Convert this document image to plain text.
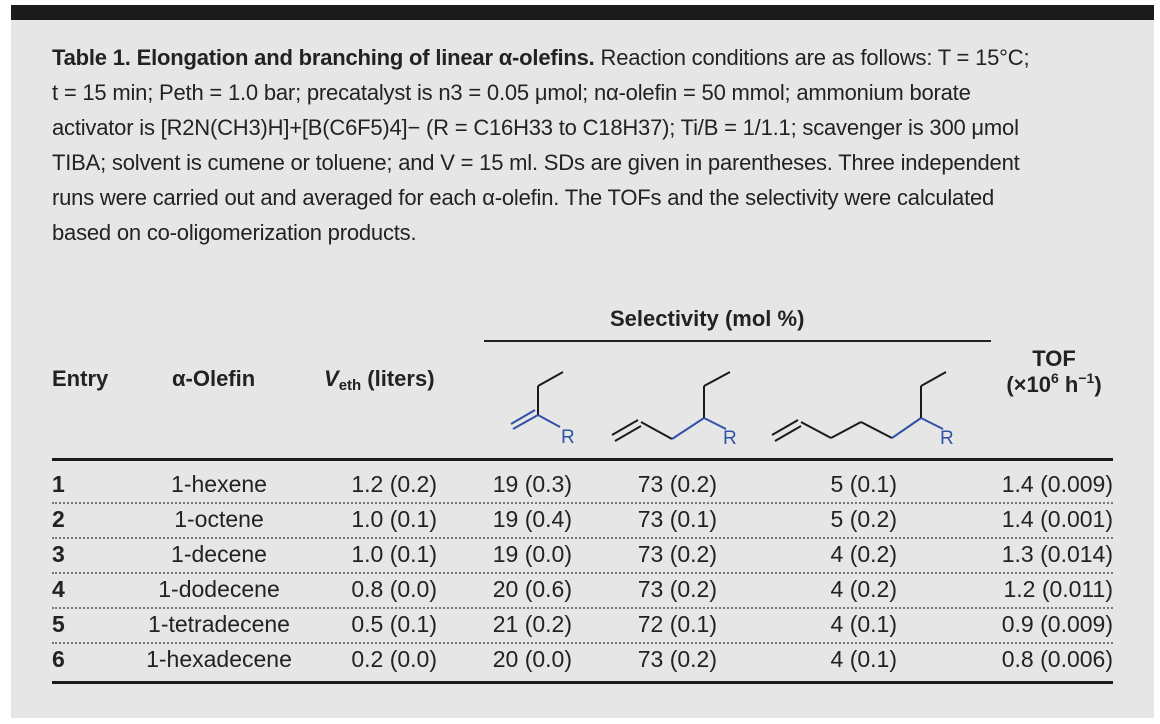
Table 1. Elongation and branching of linear α-olefins. Reaction conditions are as follows: T = 15°C;
t = 15 min; Peth = 1.0 bar; precatalyst is n3 = 0.05 μmol; nα-olefin = 50 mmol; ammonium borate
activator is [R2N(CH3)H]+[B(C6F5)4]− (R = C16H33 to C18H37); Ti/B = 1/1.1; scavenger is 300 μmol
TIBA; solvent is cumene or toluene; and V = 15 ml. SDs are given in parentheses. Three independent
runs were carried out and averaged for each α-olefin. The TOFs and the selectivity were calculated
based on co-oligomerization products.
Entry	α-Olefin	$V_{eth}$ (liters)
Selectivity (mol %)
TOF
($\times 10^6$ $h^{-1}$)
R	R	R
1	1-hexene	1.2 (0.2)	19 (0.3)	73 (0.2)	5 (0.1)	1.4 (0.009)
2	1-octene	1.0 (0.1)	19 (0.4)	73 (0.1)	5 (0.2)	1.4 (0.001)
3	1-decene	1.0 (0.1)	19 (0.0)	73 (0.2)	4 (0.2)	1.3 (0.014)
4	1-dodecene	0.8 (0.0)	20 (0.6)	73 (0.2)	4 (0.2)	1.2 (0.011)
5	1-tetradecene	0.5 (0.1)	21 (0.2)	72 (0.1)	4 (0.1)	0.9 (0.009)
6	1-hexadecene	0.2 (0.0)	20 (0.0)	73 (0.2)	4 (0.1)	0.8 (0.006)
